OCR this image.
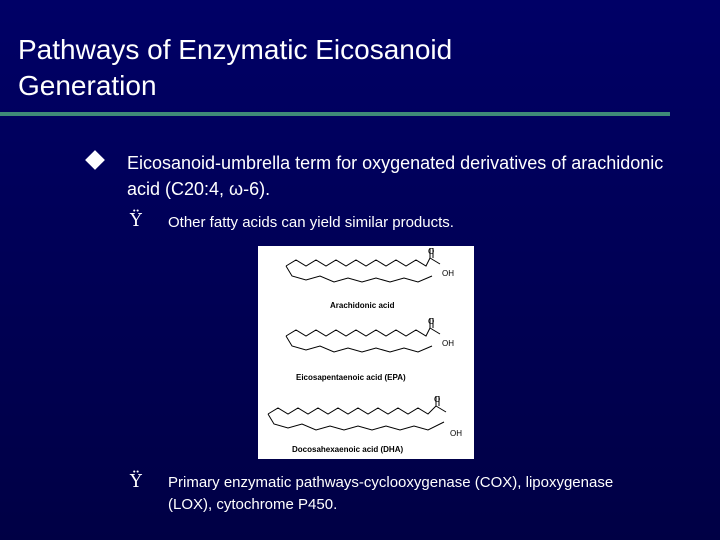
Pathways of Enzymatic Eicosanoid Generation
Eicosanoid-umbrella term for oxygenated derivatives of arachidonic acid (C20:4, ω-6).
Ÿ Other fatty acids can yield similar products.
O
OH
Arachidonic acid
O
OH
Eicosapentaenoic acid (EPA)
O
OH
Docosahexaenoic acid (DHA)
Ÿ Primary enzymatic pathways-cyclooxygenase (COX), lipoxygenase (LOX), cytochrome P450.
